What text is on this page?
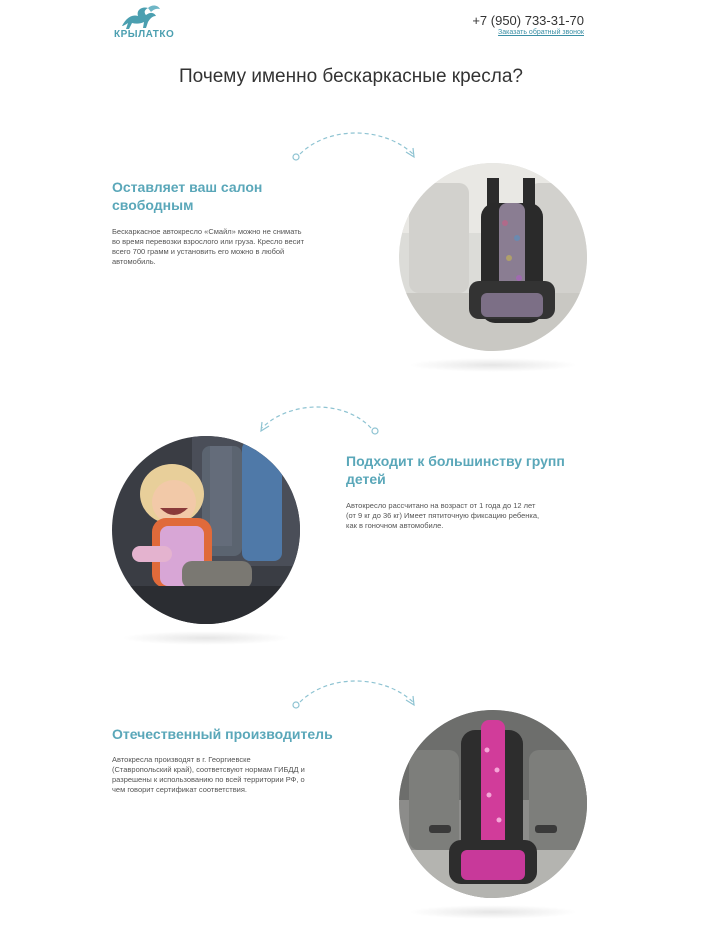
КРЫЛАТКО
+7 (950) 733-31-70
Заказать обратный звонок
Почему именно бескаркасные кресла?
Оставляет ваш салон
свободным
Бескаркасное автокресло «Смайл» можно не снимать
во время перевозки взрослого или груза. Кресло весит
всего 700 грамм и установить его можно в любой
автомобиль.
Подходит к большинству групп
детей
Автокресло рассчитано на возраст от 1 года до 12 лет
(от 9 кг до 36 кг) Имеет пятиточную фиксацию ребенка,
как в гоночном автомобиле.
Отечественный производитель
Автокресла производят в г. Георгиевске
(Ставропольский край), соответсвуют нормам ГИБДД и
разрешены к использованию по всей территории РФ, о
чем говорит сертификат соответствия.
